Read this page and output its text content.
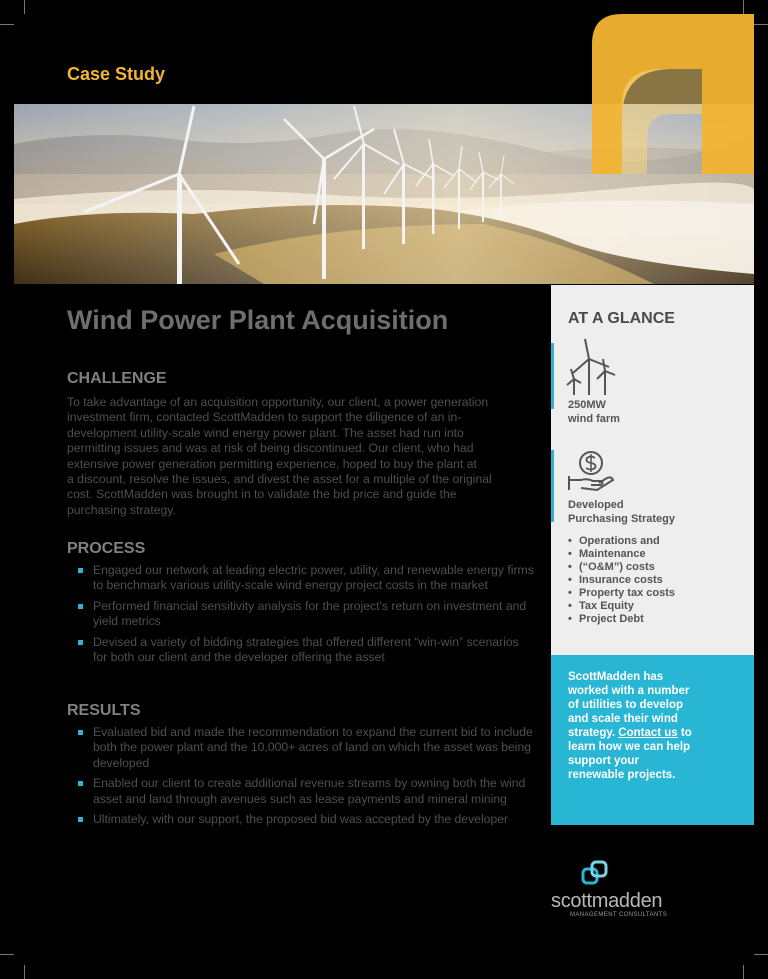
Case Study
Wind Power Plant Acquisition
CHALLENGE
To take advantage of an acquisition opportunity, our client, a power generation
investment firm, contacted ScottMadden to support the diligence of an in-
development utility-scale wind energy power plant. The asset had run into
permitting issues and was at risk of being discontinued. Our client, who had
extensive power generation permitting experience, hoped to buy the plant at
a discount, resolve the issues, and divest the asset for a multiple of the original
cost. ScottMadden was brought in to validate the bid price and guide the
purchasing strategy.
PROCESS
Engaged our network at leading electric power, utility, and renewable energy firms to benchmark various utility-scale wind energy project costs in the market
Performed financial sensitivity analysis for the project's return on investment and yield metrics
Devised a variety of bidding strategies that offered different “win-win” scenarios for both our client and the developer offering the asset
RESULTS
Evaluated bid and made the recommendation to expand the current bid to include both the power plant and the 10,000+ acres of land on which the asset was being developed
Enabled our client to create additional revenue streams by owning both the wind asset and land through avenues such as lease payments and mineral mining
Ultimately, with our support, the proposed bid was accepted by the developer
AT A GLANCE
250MW
wind farm
Developed
Purchasing Strategy
• Operations and
• Maintenance
• (“O&M”) costs
• Insurance costs
• Property tax costs
• Tax Equity
• Project Debt
ScottMadden has worked with a number of utilities to develop and scale their wind strategy. Contact us to learn how we can help support your renewable projects.
scottmadden
MANAGEMENT CONSULTANTS
